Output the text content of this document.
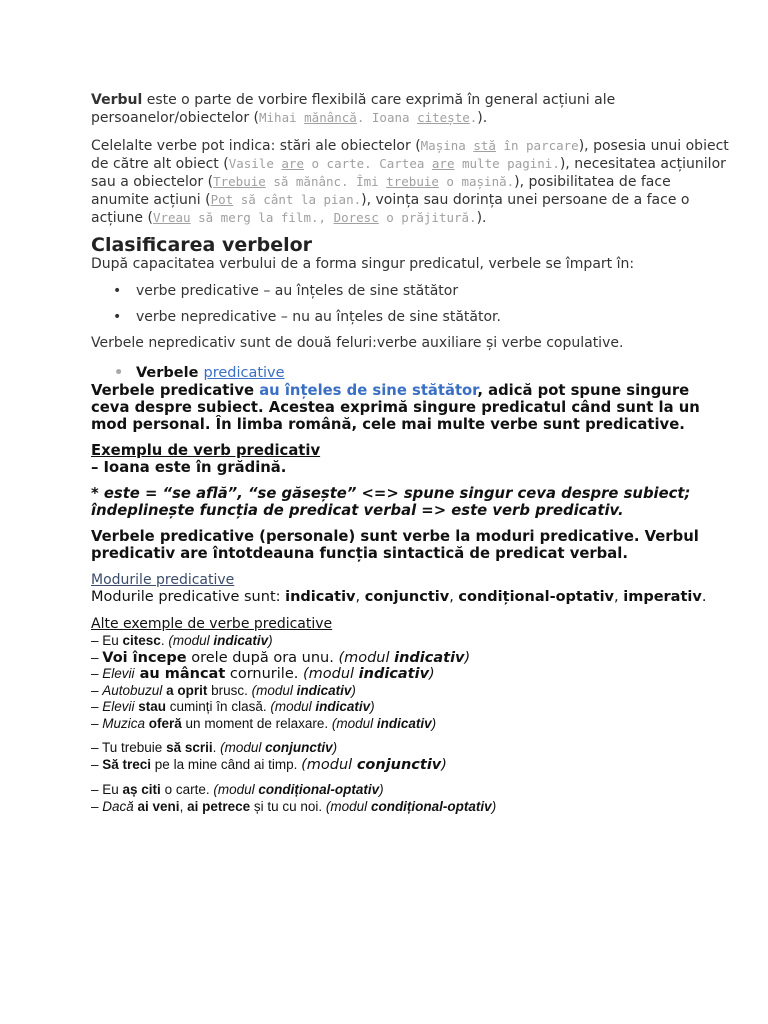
Verbul este o parte de vorbire flexibilă care exprimă în general acțiuni ale persoanelor/obiectelor (Mihai mănâncă. Ioana citește.).

Celelalte verbe pot indica: stări ale obiectelor (Mașina stă în parcare), posesia unui obiect de către alt obiect (Vasile are o carte. Cartea are multe pagini.), necesitatea acțiunilor sau a obiectelor (Trebuie să mănânc. Îmi trebuie o mașină.), posibilitatea de face anumite acțiuni (Pot să cânt la pian.), voința sau dorința unei persoane de a face o acțiune (Vreau să merg la film., Doresc o prăjitură.).

Clasificarea verbelor

După capacitatea verbului de a forma singur predicatul, verbele se împart în:

• verbe predicative – au înțeles de sine stătător
• verbe nepredicative – nu au înțeles de sine stătător.

Verbele nepredicativ sunt de două feluri:verbe auxiliare și verbe copulative.

• Verbele predicative

Verbele predicative au înțeles de sine stătător, adică pot spune singure ceva despre subiect. Acestea exprimă singure predicatul când sunt la un mod personal. În limba română, cele mai multe verbe sunt predicative.

Exemplu de verb predicativ

– Ioana este în grădină.

* este = “se află”, “se găsește” <=> spune singur ceva despre subiect; îndeplinește funcția de predicat verbal => este verb predicativ.

Verbele predicative (personale) sunt verbe la moduri predicative. Verbul predicativ are întotdeauna funcția sintactică de predicat verbal.

Modurile predicative

Modurile predicative sunt: indicativ, conjunctiv, condițional-optativ, imperativ.

Alte exemple de verbe predicative

– Eu citesc. (modul indicativ)

– Voi începe orele după ora unu. (modul indicativ)

– Elevii au mâncat cornurile. (modul indicativ)

– Autobuzul a oprit brusc. (modul indicativ)

– Elevii stau cuminți în clasă. (modul indicativ)

– Muzica oferă un moment de relaxare. (modul indicativ)

– Tu trebuie să scrii. (modul conjunctiv)

– Să treci pe la mine când ai timp. (modul conjunctiv)

– Eu aș citi o carte. (modul condițional-optativ)

– Dacă ai veni, ai petrece și tu cu noi. (modul condițional-optativ)
